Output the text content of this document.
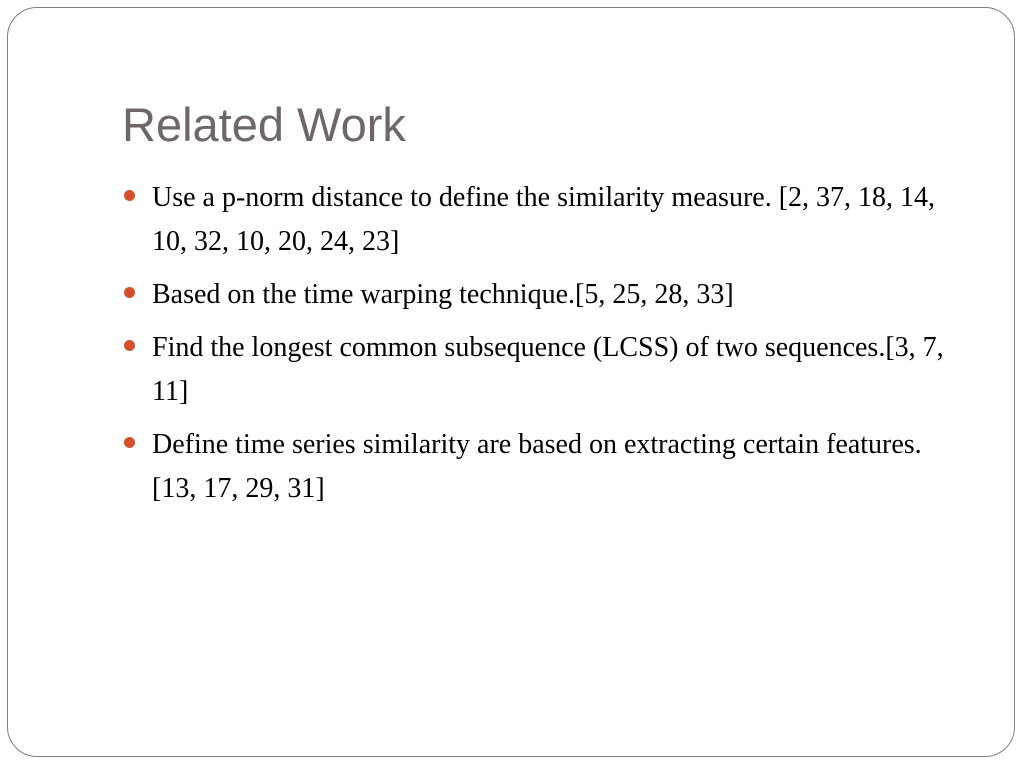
Related Work
Use a p-norm distance to define the similarity measure. [2, 37, 18, 14, 10, 32, 10, 20, 24, 23]
Based on the time warping technique.[5, 25, 28, 33]
Find the longest common subsequence (LCSS) of two sequences.[3, 7, 11]
Define time series similarity are based on extracting certain features.[13, 17, 29, 31]
